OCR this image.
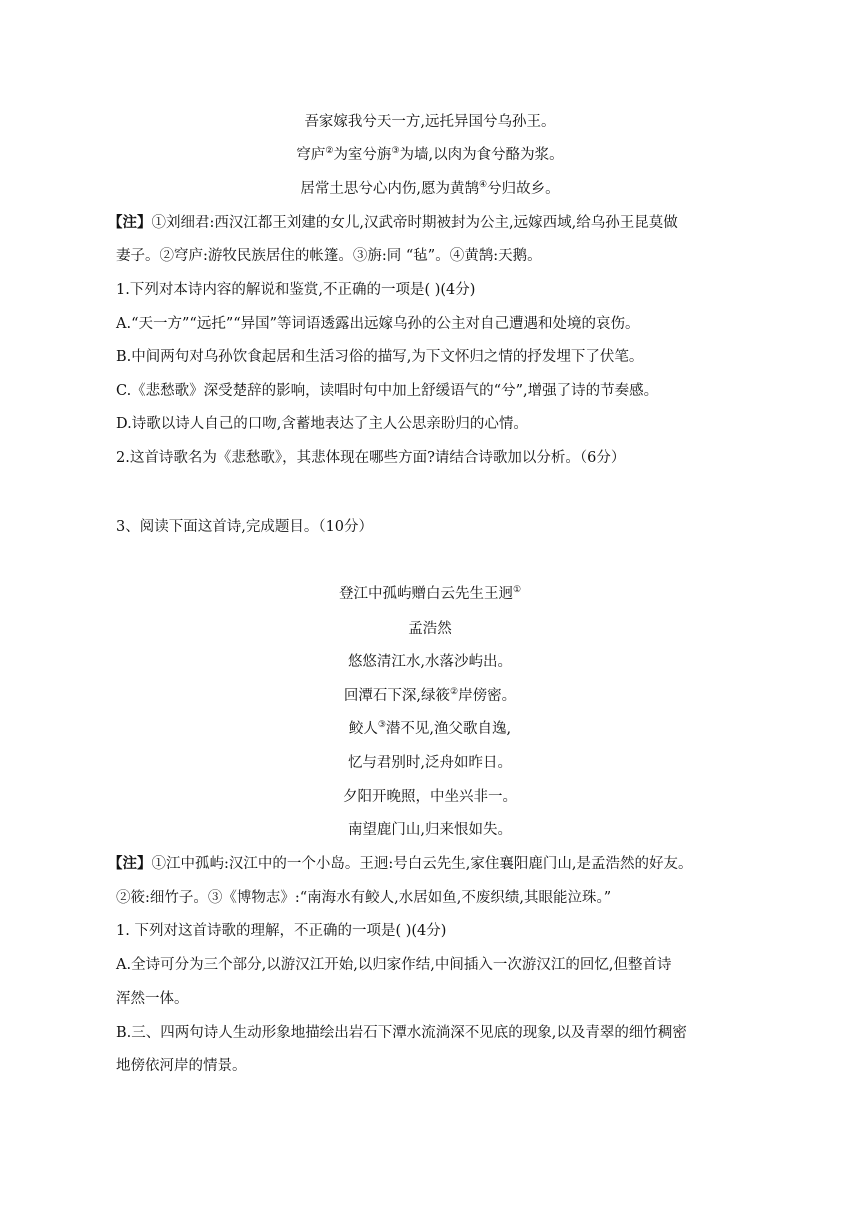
吾家嫁我兮天一方,远托异国兮乌孙王。
穹庐②为室兮旃③为墙,以肉为食兮酪为浆。
居常土思兮心内伤,愿为黄鹄④兮归故乡。
【注】①刘细君:西汉江都王刘建的女儿,汉武帝时期被封为公主,远嫁西域,给乌孙王昆莫做
妻子。②穹庐:游牧民族居住的帐篷。③旃:同 “毡”。④黄鹄:天鹅。
1.下列对本诗内容的解说和鉴赏,不正确的一项是( )(4分)
A.“天一方”“远托”“异国”等词语透露出远嫁乌孙的公主对自己遭遇和处境的哀伤。
B.中间两句对乌孙饮食起居和生活习俗的描写,为下文怀归之情的抒发埋下了伏笔。
C.《悲愁歌》深受楚辞的影响，读唱时句中加上舒缓语气的“兮”,增强了诗的节奏感。
D.诗歌以诗人自己的口吻,含蓄地表达了主人公思亲盼归的心情。
2.这首诗歌名为《悲愁歌》，其悲体现在哪些方面?请结合诗歌加以分析。（6分）
3、阅读下面这首诗,完成题目。（10分）
登江中孤屿赠白云先生王迥①
孟浩然
悠悠清江水,水落沙屿出。
回潭石下深,绿筱②岸傍密。
鲛人③潜不见,渔父歌自逸,
忆与君别时,泛舟如昨日。
夕阳开晚照，中坐兴非一。
南望鹿门山,归来恨如失。
【注】①江中孤屿:汉江中的一个小岛。王迥:号白云先生,家住襄阳鹿门山,是孟浩然的好友。
②筱:细竹子。③《博物志》:“南海水有鲛人,水居如鱼,不废织绩,其眼能泣珠。”
1. 下列对这首诗歌的理解，不正确的一项是( )(4分)
A.全诗可分为三个部分,以游汉江开始,以归家作结,中间插入一次游汉江的回忆,但整首诗
浑然一体。
B.三、四两句诗人生动形象地描绘出岩石下潭水流淌深不见底的现象,以及青翠的细竹稠密
地傍依河岸的情景。
